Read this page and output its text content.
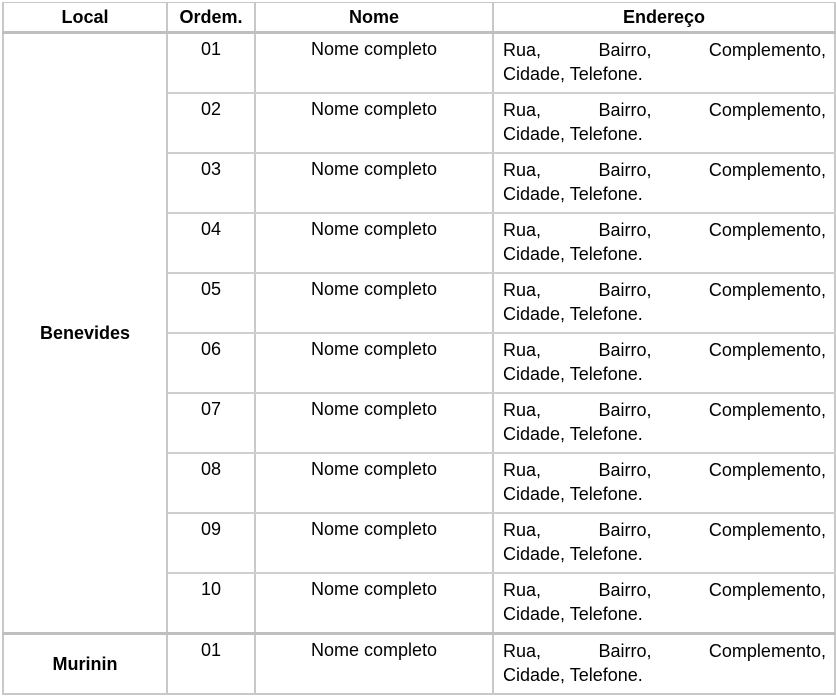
Local	Ordem.	Nome	Endereço
Benevides	01	Nome completo	Rua, Bairro, Complemento,
Cidade, Telefone.

	02	Nome completo	Rua, Bairro, Complemento,
Cidade, Telefone.

	03	Nome completo	Rua, Bairro, Complemento,
Cidade, Telefone.

	04	Nome completo	Rua, Bairro, Complemento,
Cidade, Telefone.

	05	Nome completo	Rua, Bairro, Complemento,
Cidade, Telefone.

	06	Nome completo	Rua, Bairro, Complemento,
Cidade, Telefone.

	07	Nome completo	Rua, Bairro, Complemento,
Cidade, Telefone.

	08	Nome completo	Rua, Bairro, Complemento,
Cidade, Telefone.

	09	Nome completo	Rua, Bairro, Complemento,
Cidade, Telefone.

	10	Nome completo	Rua, Bairro, Complemento,
Cidade, Telefone.

Murinin	01	Nome completo	Rua, Bairro, Complemento,
Cidade, Telefone.
